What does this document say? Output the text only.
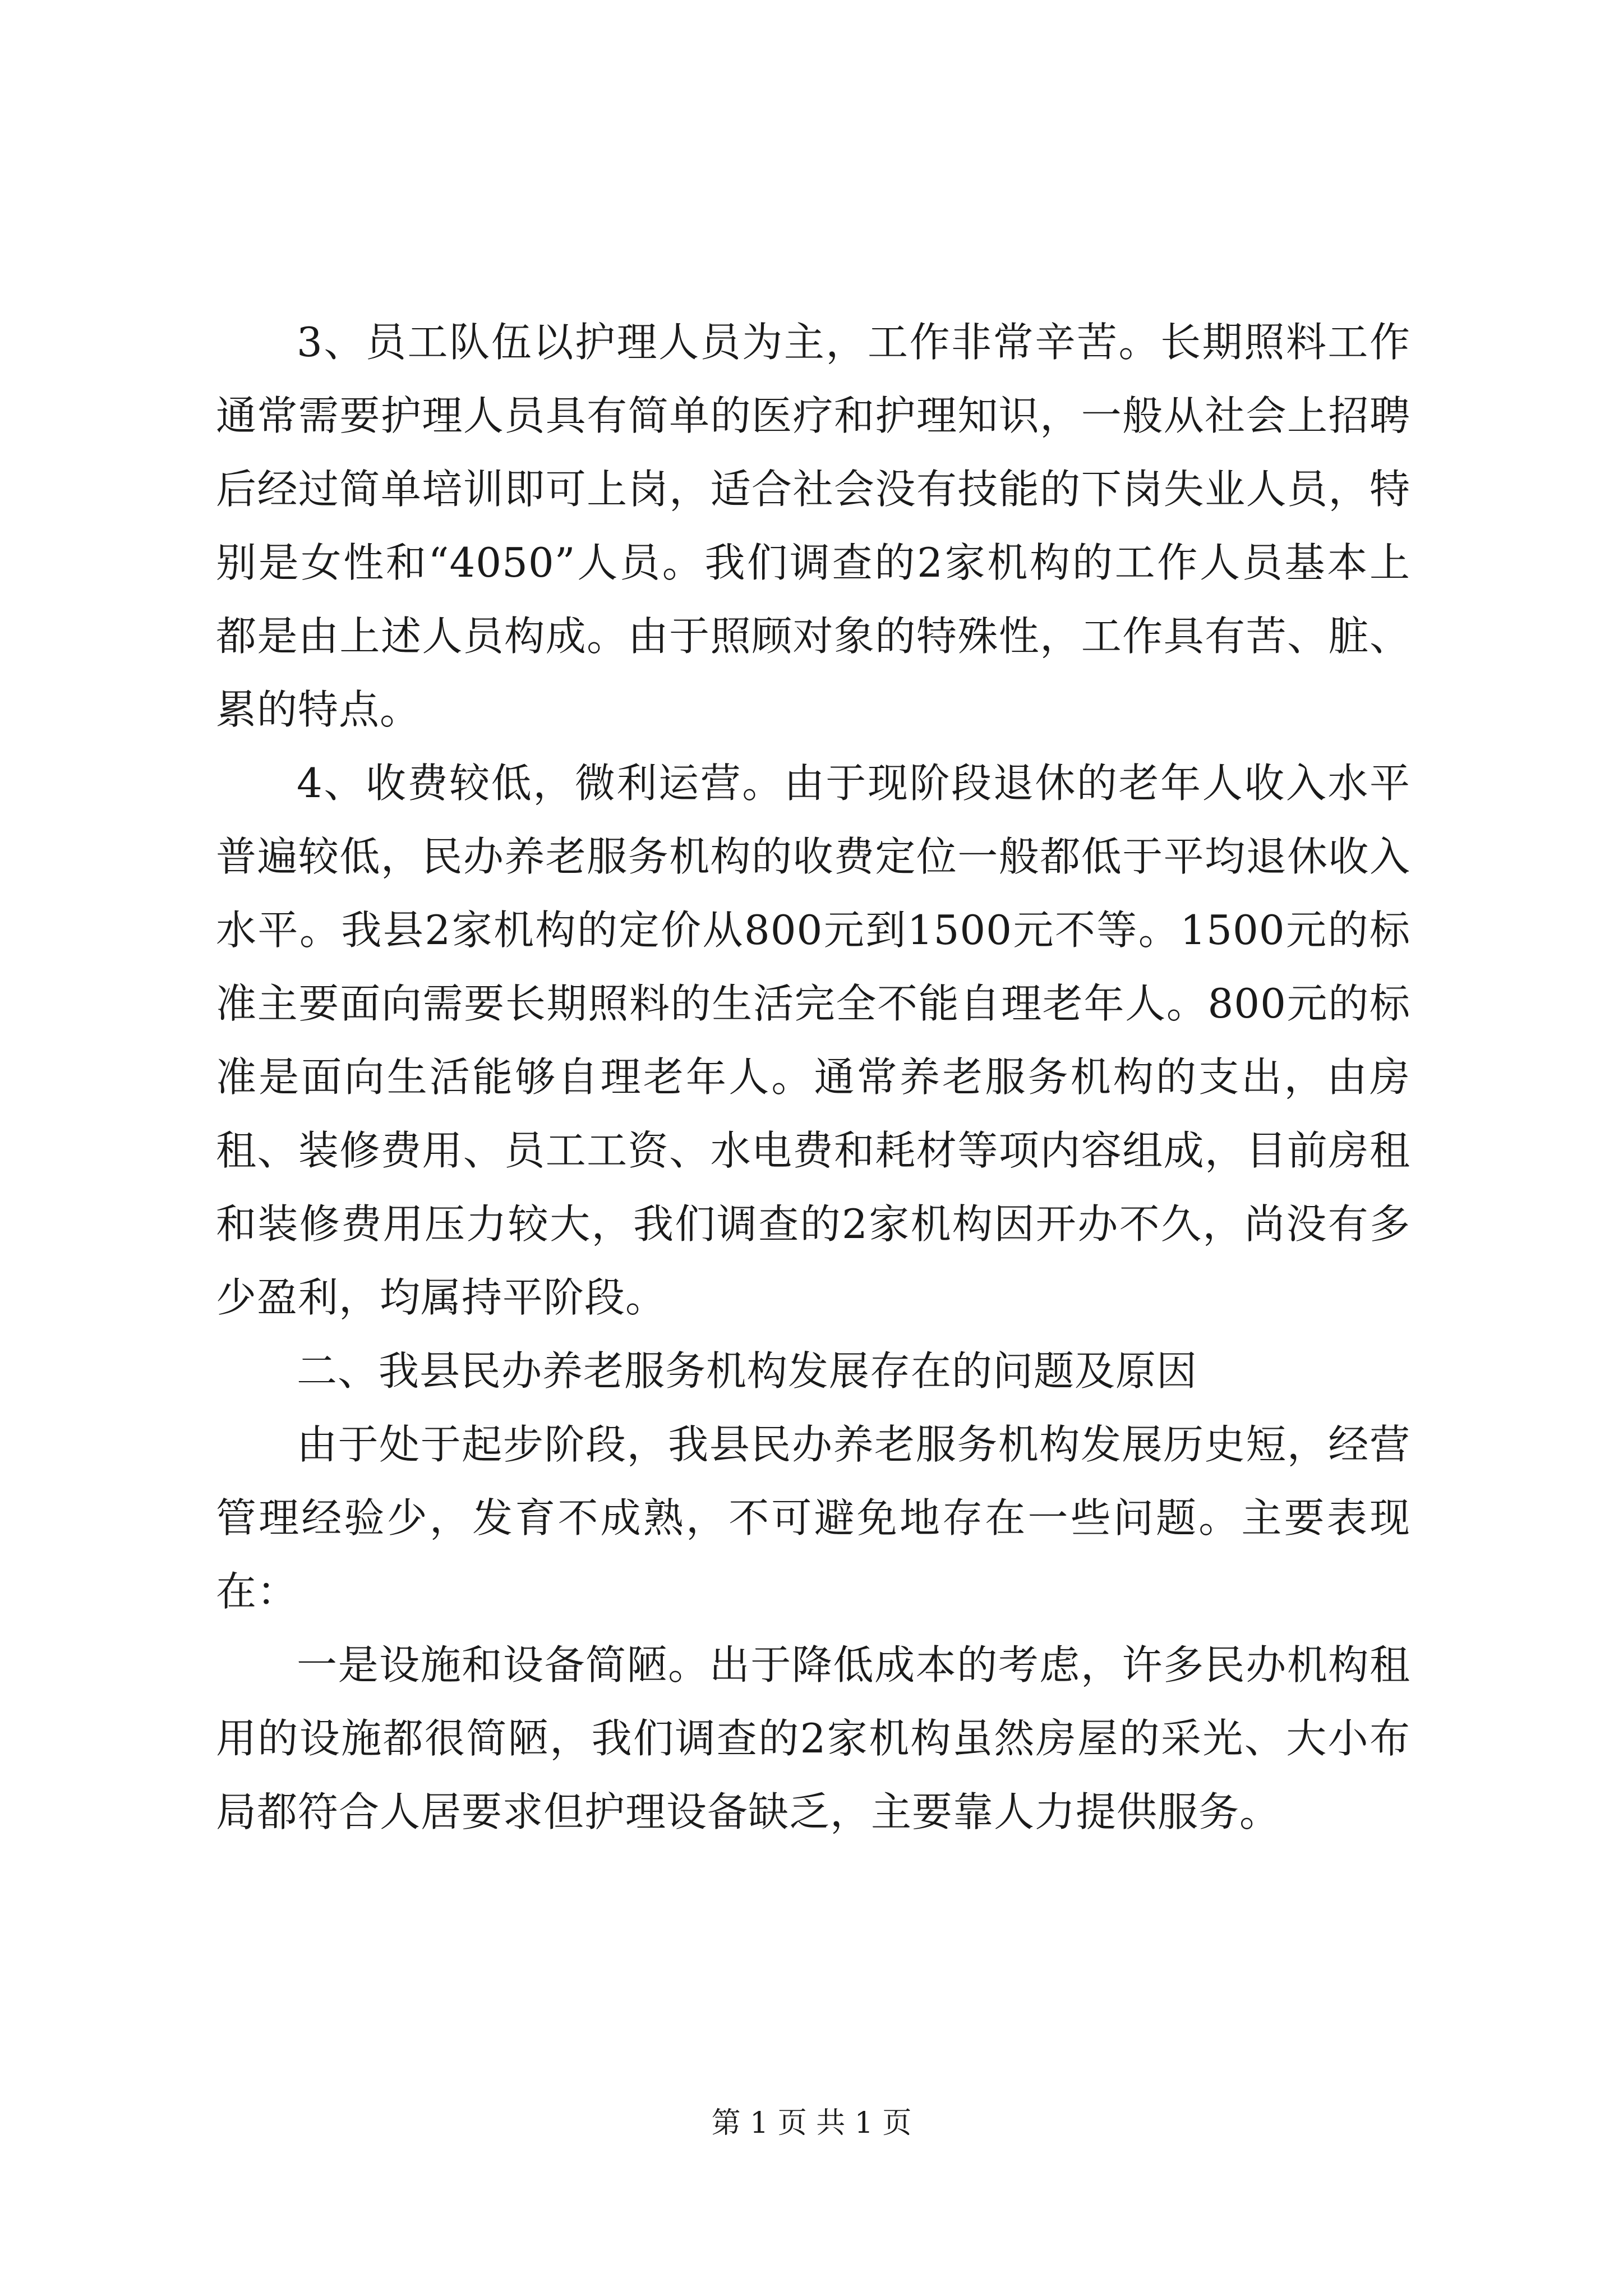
3、员工队伍以护理人员为主，工作非常辛苦。长期照料工作通常需要护理人员具有简单的医疗和护理知识，一般从社会上招聘后经过简单培训即可上岗，适合社会没有技能的下岗失业人员，特别是女性和“4050”人员。我们调查的2家机构的工作人员基本上都是由上述人员构成。由于照顾对象的特殊性，工作具有苦、脏、累的特点。

4、收费较低，微利运营。由于现阶段退休的老年人收入水平普遍较低，民办养老服务机构的收费定位一般都低于平均退休收入水平。我县2家机构的定价从800元到1500元不等。1500元的标准主要面向需要长期照料的生活完全不能自理老年人。800元的标准是面向生活能够自理老年人。通常养老服务机构的支出，由房租、装修费用、员工工资、水电费和耗材等项内容组成，目前房租和装修费用压力较大，我们调查的2家机构因开办不久，尚没有多少盈利，均属持平阶段。

二、我县民办养老服务机构发展存在的问题及原因

由于处于起步阶段，我县民办养老服务机构发展历史短，经营管理经验少，发育不成熟，不可避免地存在一些问题。主要表现在：

一是设施和设备简陋。出于降低成本的考虑，许多民办机构租用的设施都很简陋，我们调查的2家机构虽然房屋的采光、大小布局都符合人居要求但护理设备缺乏，主要靠人力提供服务。

第 1 页 共 1 页
